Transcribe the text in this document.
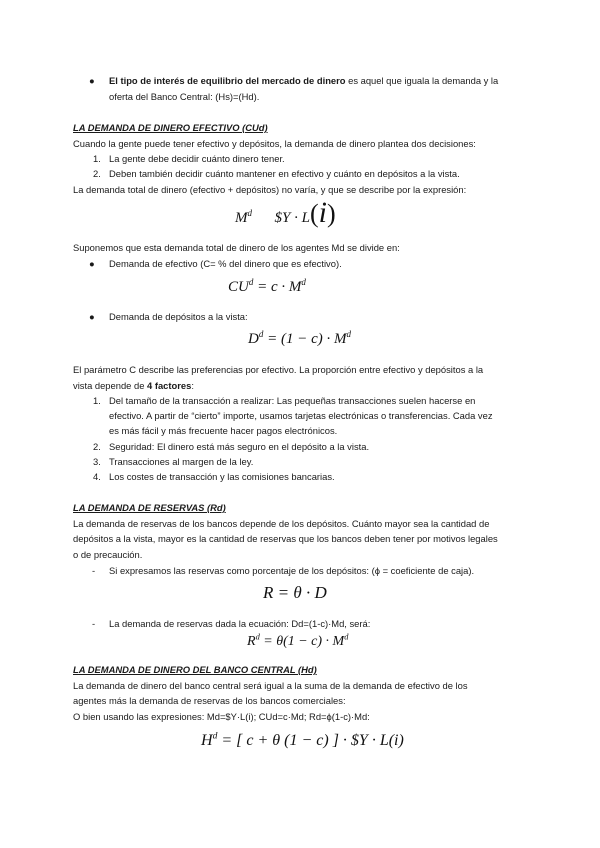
● El tipo de interés de equilibrio del mercado de dinero es aquel que iguala la demanda y la

oferta del Banco Central: (Hs)=(Hd).

LA DEMANDA DE DINERO EFECTIVO (CUd)

Cuando la gente puede tener efectivo y depósitos, la demanda de dinero plantea dos decisiones:

1. La gente debe decidir cuánto dinero tener.

2. Deben también decidir cuánto mantener en efectivo y cuánto en depósitos a la vista.

La demanda total de dinero (efectivo + depósitos) no varía, y que se describe por la expresión:

$M^d$ $Y · L(i)

Suponemos que esta demanda total de dinero de los agentes Md se divide en:

● Demanda de efectivo (C= % del dinero que es efectivo).

$CU^d = c \cdot M^d$
● Demanda de depósitos a la vista:

$D^d = (1 - c) \cdot M^d$

El parámetro C describe las preferencias por efectivo. La proporción entre efectivo y depósitos a la

vista depende de 4 factores:

1. Del tamaño de la transacción a realizar: Las pequeñas transacciones suelen hacerse en

efectivo. A partir de “cierto” importe, usamos tarjetas electrónicas o transferencias. Cada vez

es más fácil y más frecuente hacer pagos electrónicos.

2. Seguridad: El dinero está más seguro en el depósito a la vista.

3. Transacciones al margen de la ley.

4. Los costes de transacción y las comisiones bancarias.

LA DEMANDA DE RESERVAS (Rd)

La demanda de reservas de los bancos depende de los depósitos. Cuánto mayor sea la cantidad de

depósitos a la vista, mayor es la cantidad de reservas que los bancos deben tener por motivos legales

o de precaución.

- Si expresamos las reservas como porcentaje de los depósitos: (ϕ = coeficiente de caja).

R = θ · D
- La demanda de reservas dada la ecuación: Dd=(1-c)·Md, será:

$R^d = \theta(1 - c) \cdot M^d$

LA DEMANDA DE DINERO DEL BANCO CENTRAL (Hd)

La demanda de dinero del banco central será igual a la suma de la demanda de efectivo de los

agentes más la demanda de reservas de los bancos comerciales:

O bien usando las expresiones: Md=$Y·L(i); CUd=c·Md; Rd=ϕ(1-c)·Md:

$H^d$ = [ c + θ (1 − c) ] · $Y · L(i)
